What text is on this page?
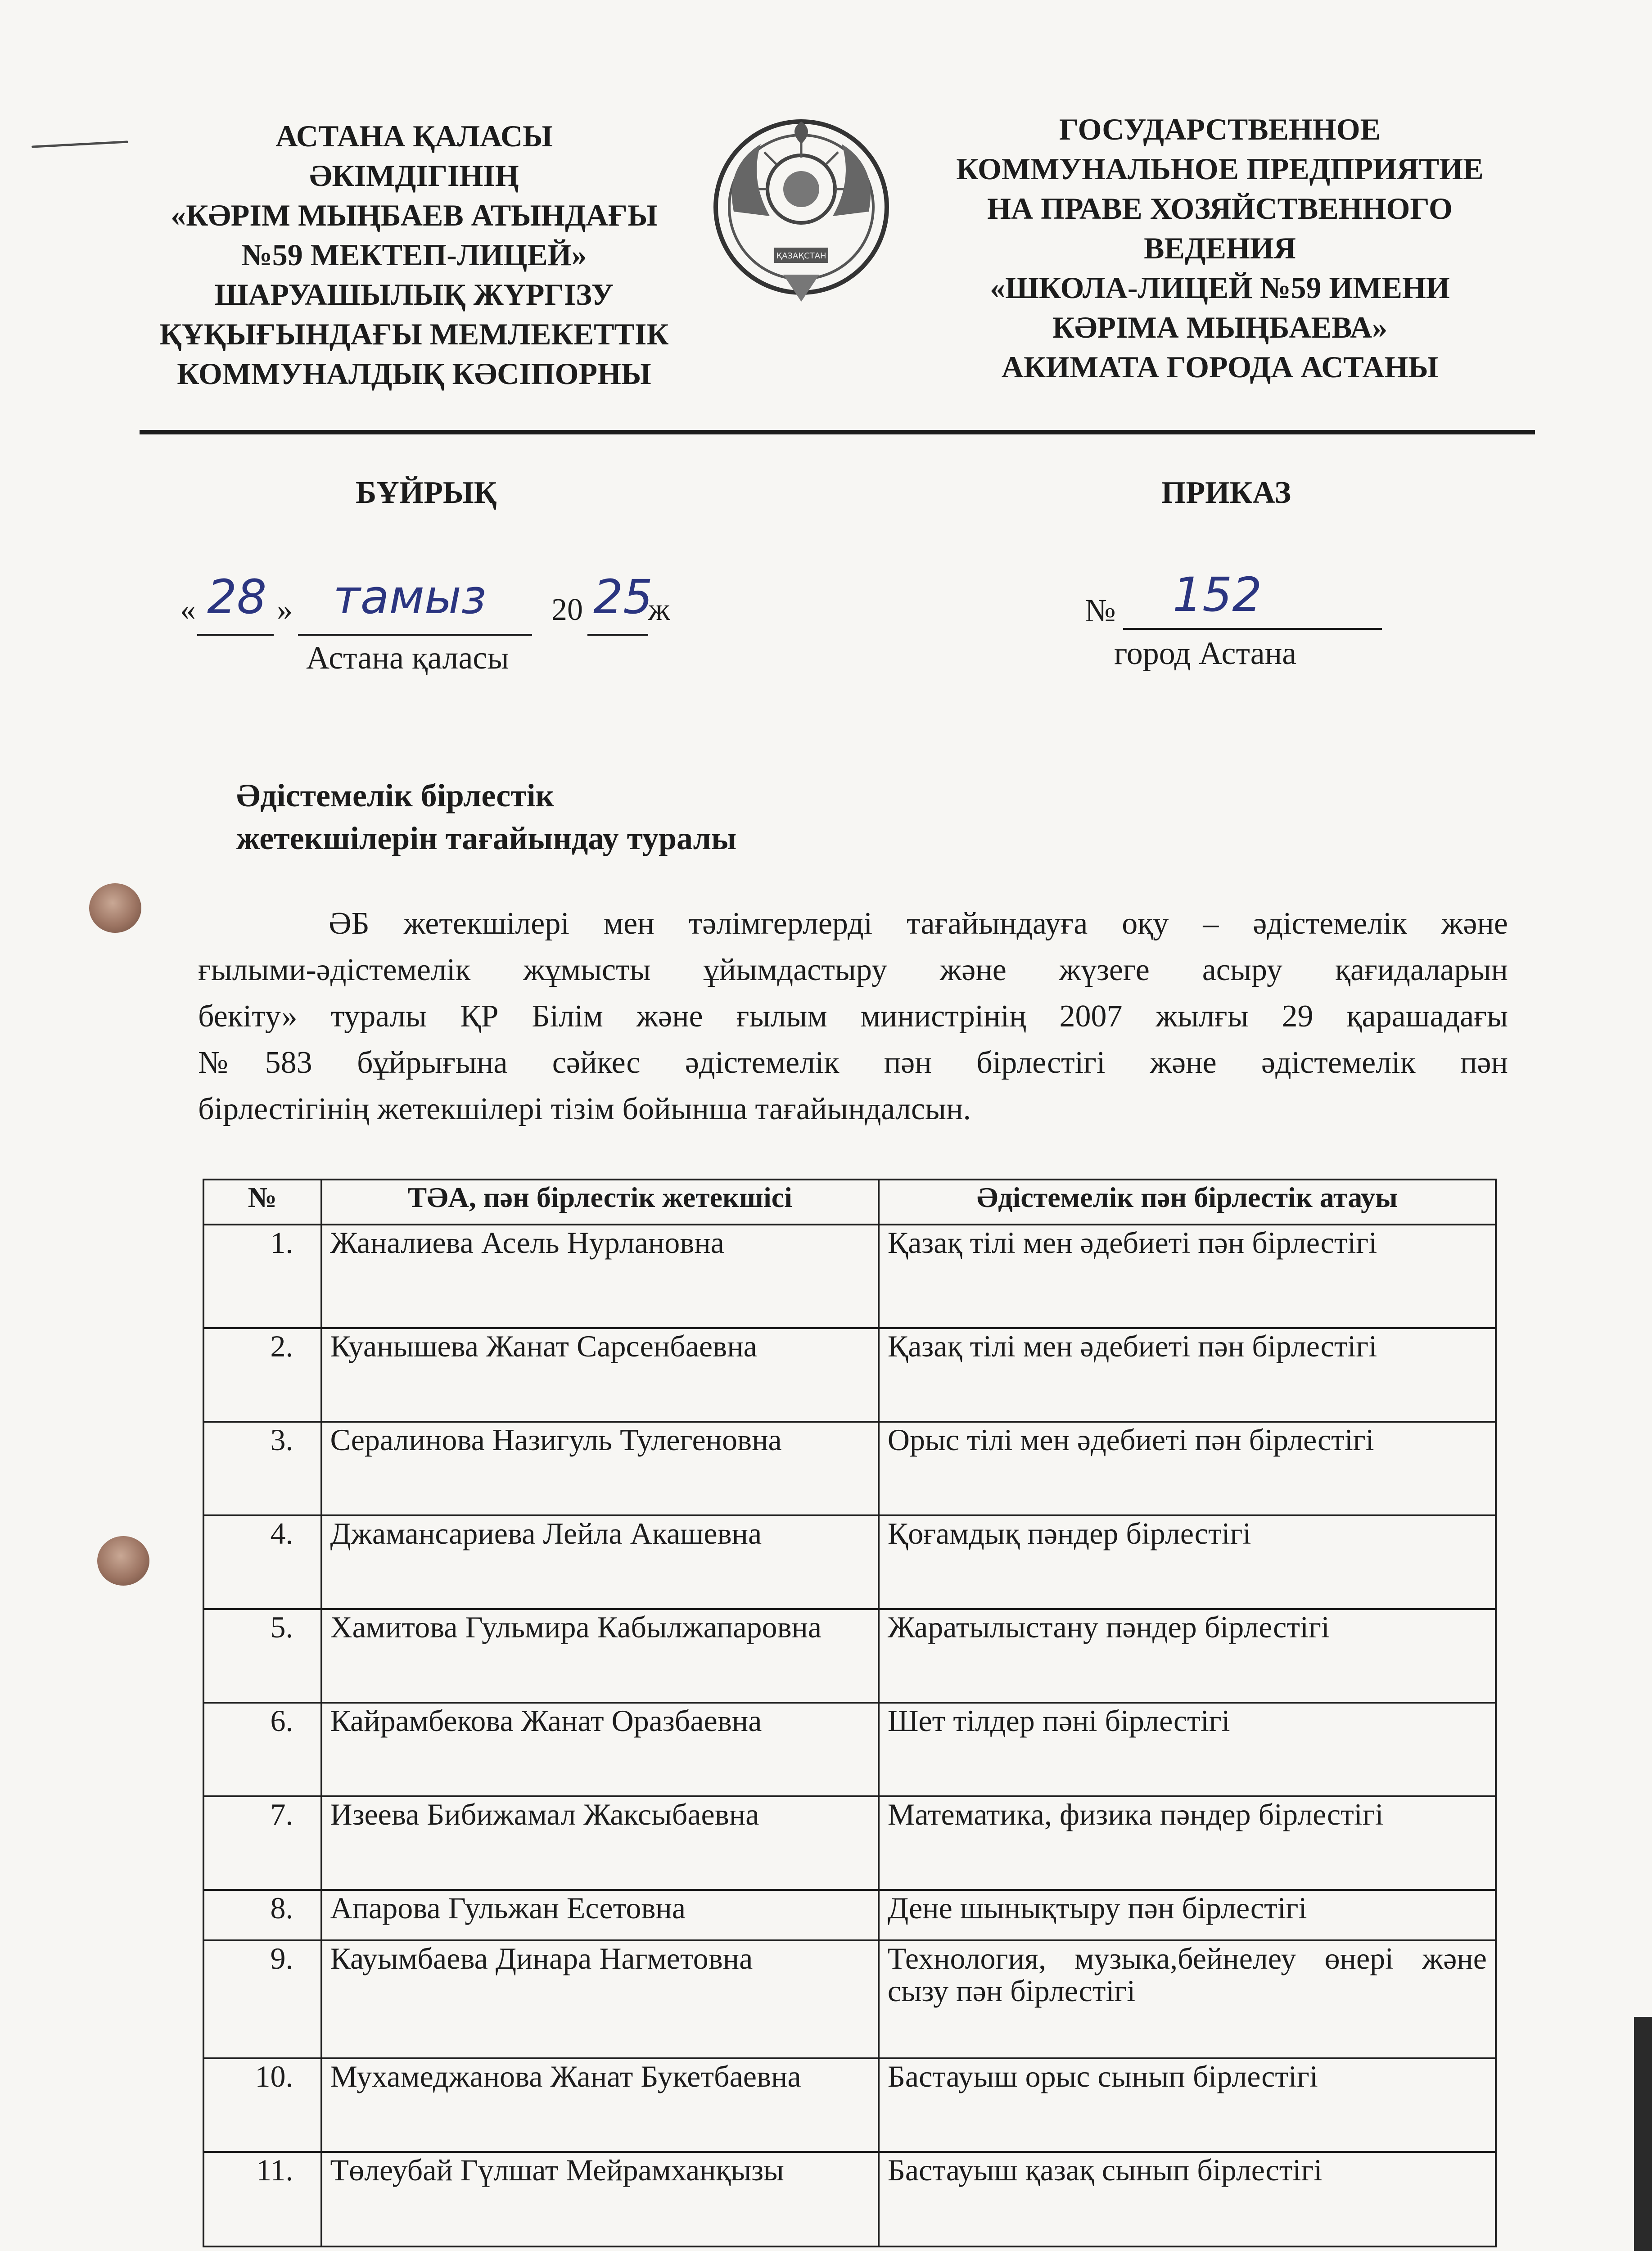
АСТАНА ҚАЛАСЫ
ӘКІМДІГІНІҢ
«КӘРІМ МЫҢБАЕВ АТЫНДАҒЫ
№59 МЕКТЕП-ЛИЦЕЙ»
ШАРУАШЫЛЫҚ ЖҮРГІЗУ
ҚҰҚЫҒЫНДАҒЫ МЕМЛЕКЕТТІК
КОММУНАЛДЫҚ КӘСІПОРНЫ
ҚАЗАҚСТАН
ГОСУДАРСТВЕННОЕ
КОММУНАЛЬНОЕ ПРЕДПРИЯТИЕ
НА ПРАВЕ ХОЗЯЙСТВЕННОГО
ВЕДЕНИЯ
«ШКОЛА-ЛИЦЕЙ №59 ИМЕНИ
КӘРІМА МЫҢБАЕВА»
АКИМАТА ГОРОДА АСТАНЫ
БҰЙРЫҚ	ПРИКАЗ
« 28 » тамыз 20 25
ж
Астана қаласы
№ 152
город Астана
Әдістемелік бірлестік
жетекшілерін тағайындау туралы
ӘБ жетекшілері мен тәлімгерлерді тағайындауға оқу – әдістемелік және
ғылыми-әдістемелік жұмысты ұйымдастыру және жүзеге асыру қағидаларын
бекіту» туралы ҚР Білім және ғылым министрінің 2007 жылғы 29 қарашадағы
№583 бұйрығына сәйкес әдістемелік пән бірлестігі және әдістемелік пән
бірлестігінің жетекшілері тізім бойынша тағайындалсын.
№	ТӘА, пән бірлестік жетекшісі	Әдістемелік пән бірлестік атауы
1.	Жаналиева Асель Нурлановна	Қазақ тілі мен әдебиеті пән бірлестігі
2.	Куанышева Жанат Сарсенбаевна	Қазақ тілі мен әдебиеті пән бірлестігі
3.	Сералинова Назигуль Тулегеновна	Орыс тілі мен әдебиеті пән бірлестігі
4.	Джамансариева Лейла Акашевна	Қоғамдық пәндер бірлестігі
5.	Хамитова Гульмира Кабылжапаровна	Жаратылыстану пәндер бірлестігі
6.	Кайрамбекова Жанат Оразбаевна	Шет тілдер пәні бірлестігі
7.	Изеева Бибижамал Жаксыбаевна	Математика, физика пәндер бірлестігі
8.	Апарова Гульжан Есетовна	Дене шынықтыру пән бірлестігі
9.	Кауымбаева Динара Нагметовна	Технология, музыка,бейнелеу өнері және сызу пән бірлестігі
10.	Мухамеджанова Жанат Букетбаевна	Бастауыш орыс сынып бірлестігі
11.	Төлеубай Гүлшат Мейрамханқызы	Бастауыш қазақ сынып бірлестігі
